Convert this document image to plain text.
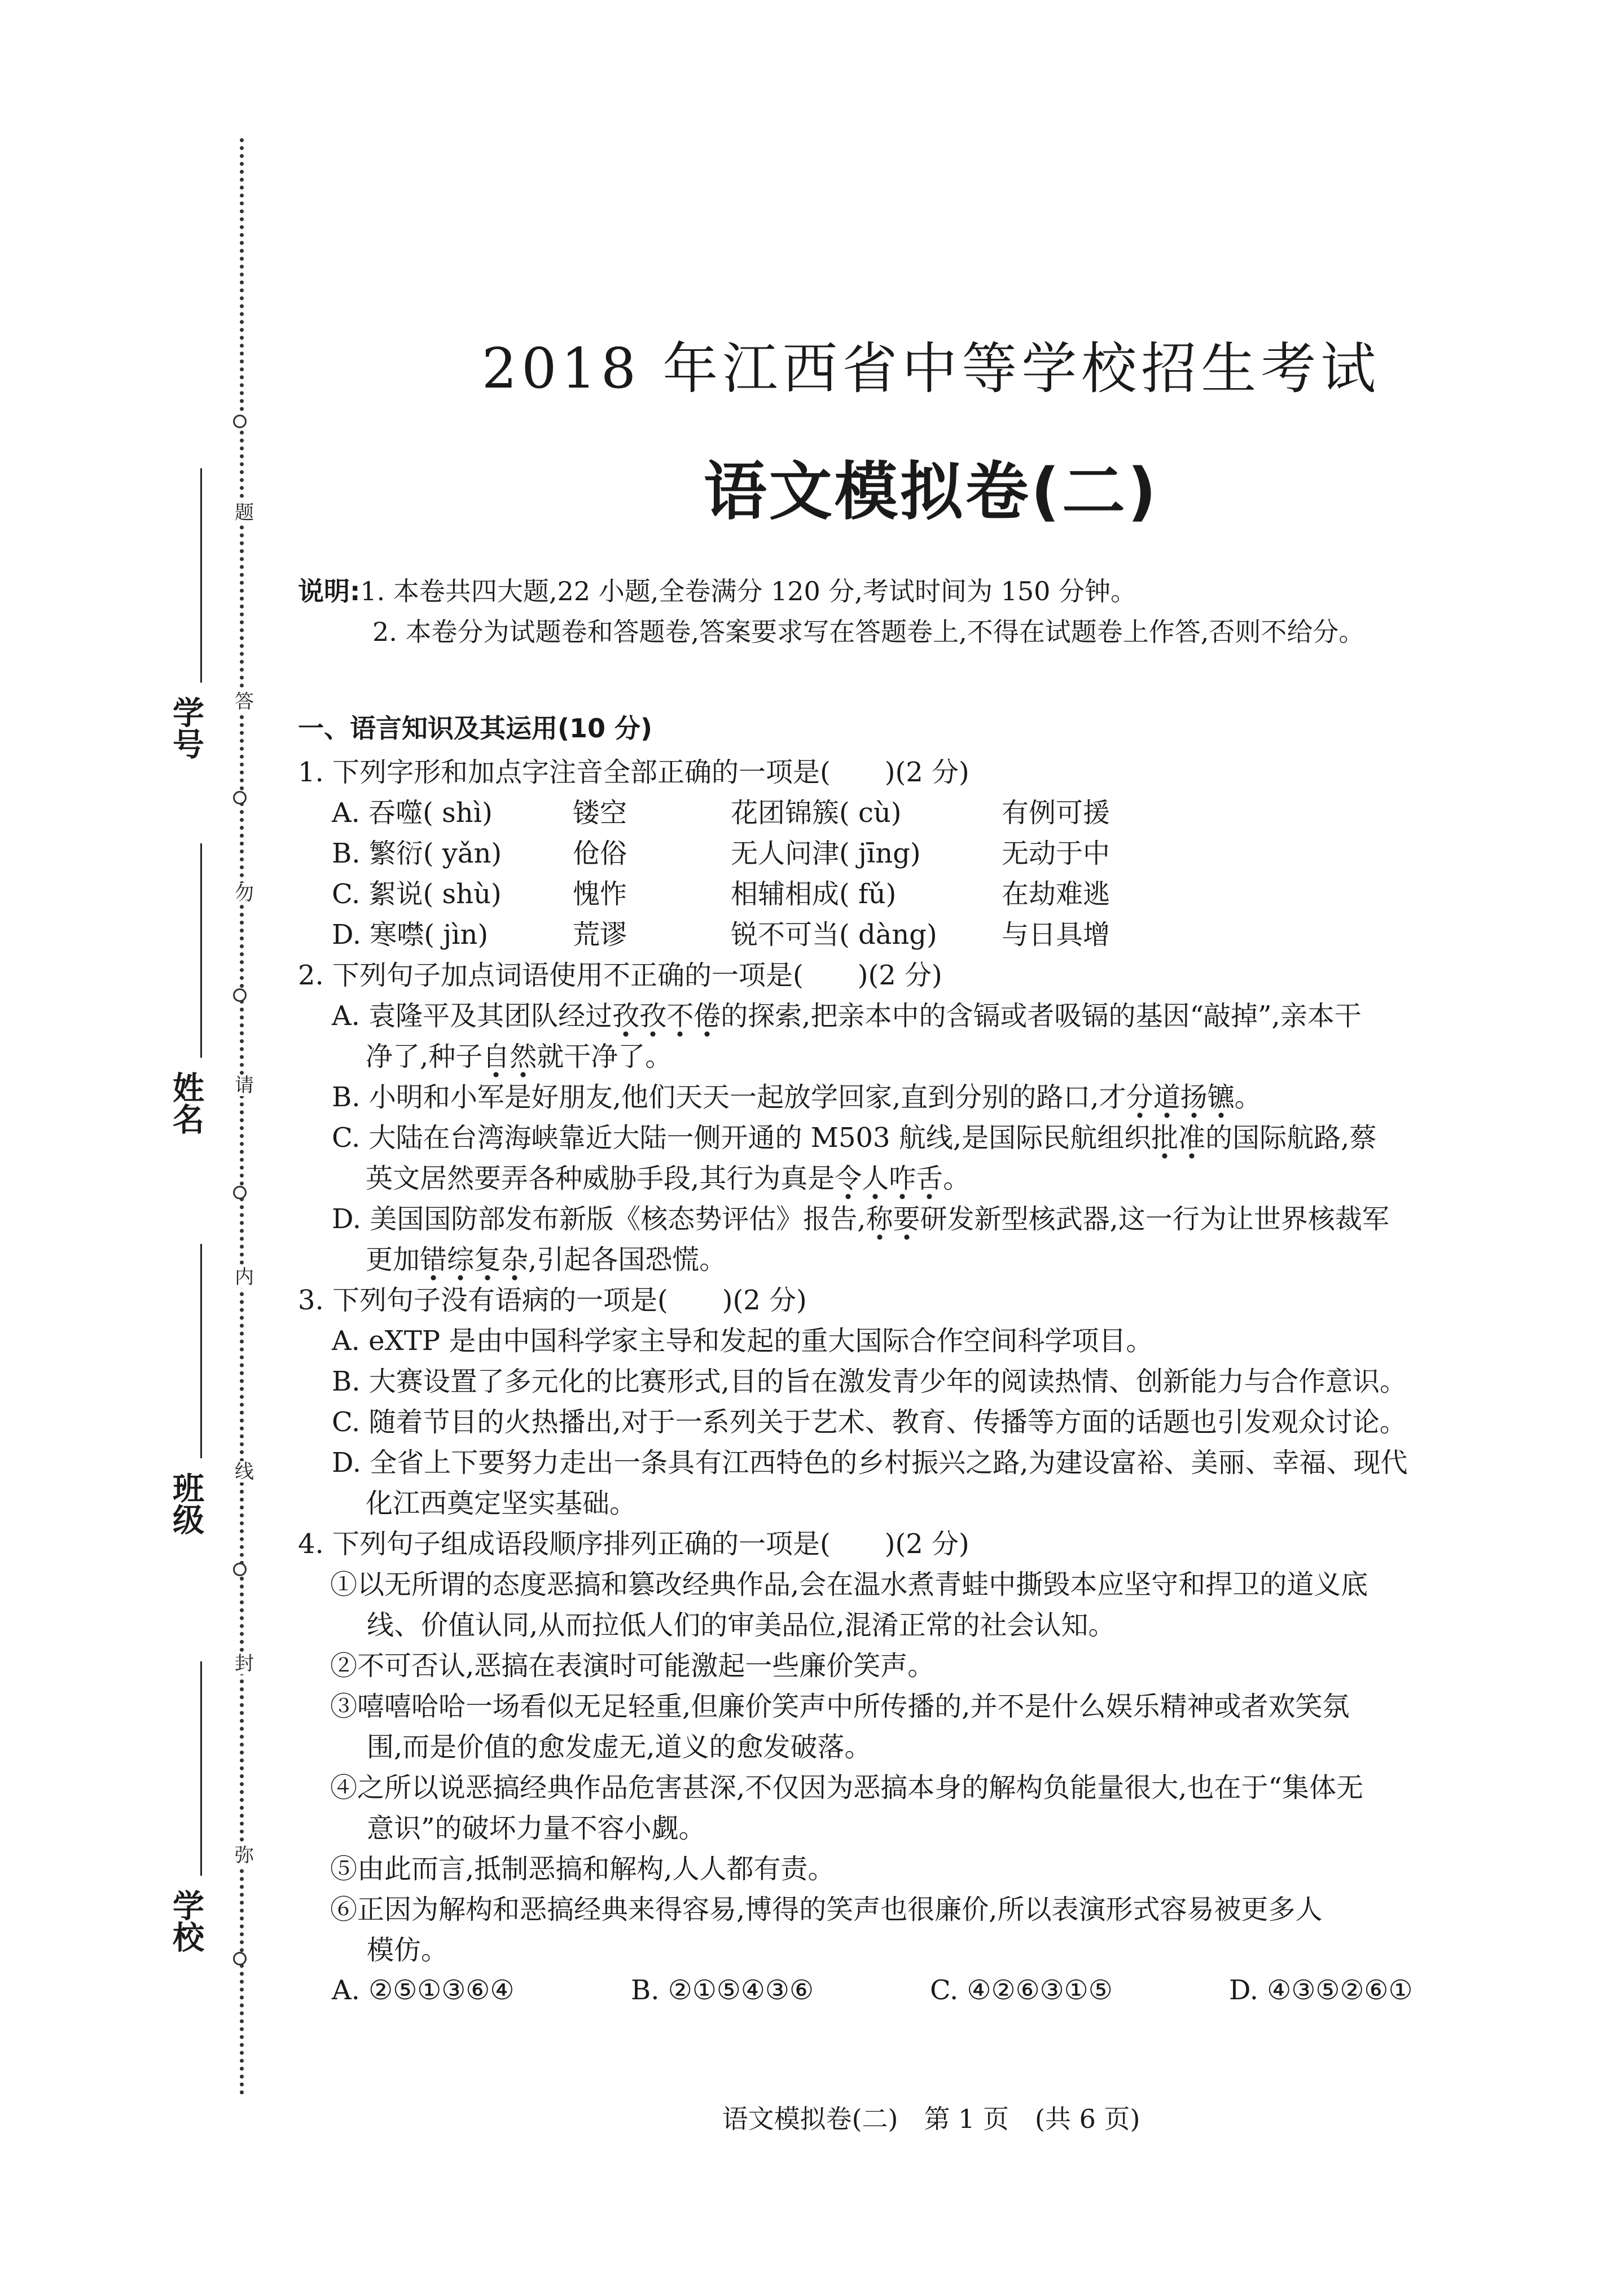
题
答
勿
请
内
线
封
弥
学号
姓名
班级
学校
2018 年江西省中等学校招生考试
语文模拟卷(二)
说明:1. 本卷共四大题,22 小题,全卷满分 120 分,考试时间为 150 分钟。
2. 本卷分为试题卷和答题卷,答案要求写在答题卷上,不得在试题卷上作答,否则不给分。
一、语言知识及其运用(10 分)
1. 下列字形和加点字注音全部正确的一项是(　　)(2 分)
A. 吞噬( shì)	镂空	花团锦簇( cù)	有例可援
B. 繁衍( yǎn)	伧俗	无人问津( jīng)	无动于中
C. 絮说( shù)	愧怍	相辅相成( fǔ)	在劫难逃
D. 寒噤( jìn)	荒谬	锐不可当( dàng) 与日具增
2. 下列句子加点词语使用不正确的一项是(　　)(2 分)
A. 袁隆平及其团队经过孜孜不倦的探索,把亲本中的含镉或者吸镉的基因“敲掉”,亲本干
净了,种子自然就干净了。
B. 小明和小军是好朋友,他们天天一起放学回家,直到分别的路口,才分道扬镳。
C. 大陆在台湾海峡靠近大陆一侧开通的 M503 航线,是国际民航组织批准的国际航路,蔡
英文居然要弄各种威胁手段,其行为真是令人咋舌。
D. 美国国防部发布新版《核态势评估》报告,称要研发新型核武器,这一行为让世界核裁军
更加错综复杂,引起各国恐慌。
3. 下列句子没有语病的一项是(　　)(2 分)
A. eXTP 是由中国科学家主导和发起的重大国际合作空间科学项目。
B. 大赛设置了多元化的比赛形式,目的旨在激发青少年的阅读热情、创新能力与合作意识。
C. 随着节目的火热播出,对于一系列关于艺术、教育、传播等方面的话题也引发观众讨论。
D. 全省上下要努力走出一条具有江西特色的乡村振兴之路,为建设富裕、美丽、幸福、现代
化江西奠定坚实基础。
4. 下列句子组成语段顺序排列正确的一项是(　　)(2 分)
①以无所谓的态度恶搞和篡改经典作品,会在温水煮青蛙中撕毁本应坚守和捍卫的道义底
线、价值认同,从而拉低人们的审美品位,混淆正常的社会认知。
②不可否认,恶搞在表演时可能激起一些廉价笑声。
③嘻嘻哈哈一场看似无足轻重,但廉价笑声中所传播的,并不是什么娱乐精神或者欢笑氛
围,而是价值的愈发虚无,道义的愈发破落。
④之所以说恶搞经典作品危害甚深,不仅因为恶搞本身的解构负能量很大,也在于“集体无
意识”的破坏力量不容小觑。
⑤由此而言,抵制恶搞和解构,人人都有责。
⑥正因为解构和恶搞经典来得容易,博得的笑声也很廉价,所以表演形式容易被更多人
模仿。
A. ②⑤①③⑥④	B. ②①⑤④③⑥	C. ④②⑥③①⑤	D. ④③⑤②⑥①
语文模拟卷(二)　第 1 页　(共 6 页)
